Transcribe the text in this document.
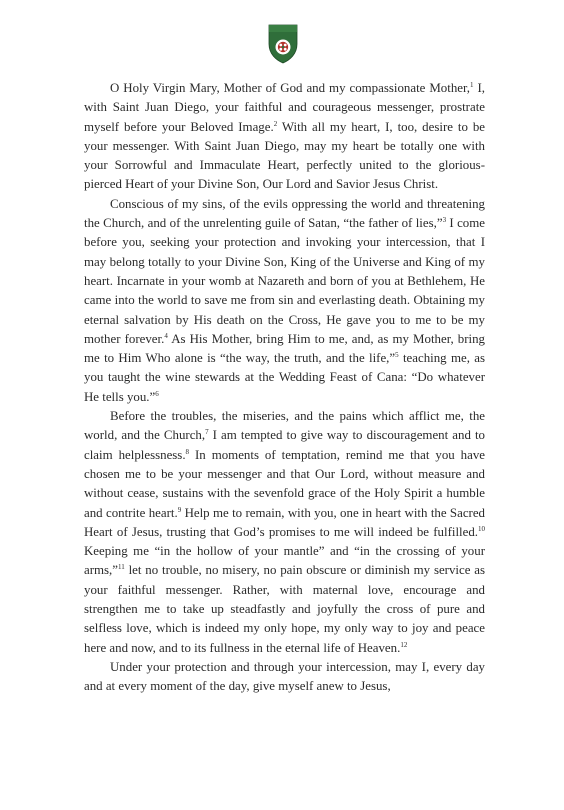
O Holy Virgin Mary, Mother of God and my compassionate Mother,$^1$ I, with Saint Juan Diego, your faithful and courageous messenger, prostrate myself before your Beloved Image.$^2$ With all my heart, I, too, desire to be your messenger. With Saint Juan Diego, may my heart be totally one with your Sorrowful and Immaculate Heart, perfectly united to the glorious-pierced Heart of your Divine Son, Our Lord and Savior Jesus Christ.

Conscious of my sins, of the evils oppressing the world and threatening the Church, and of the unrelenting guile of Satan, “the father of lies,”$^3$ I come before you, seeking your protection and invoking your intercession, that I may belong totally to your Divine Son, King of the Universe and King of my heart. Incarnate in your womb at Nazareth and born of you at Bethlehem, He came into the world to save me from sin and everlasting death. Obtaining my eternal salvation by His death on the Cross, He gave you to me to be my mother forever.$^4$ As His Mother, bring Him to me, and, as my Mother, bring me to Him Who alone is “the way, the truth, and the life,”$^5$ teaching me, as you taught the wine stewards at the Wedding Feast of Cana: “Do whatever He tells you.”$^6$

Before the troubles, the miseries, and the pains which afflict me, the world, and the Church,$^7$ I am tempted to give way to discouragement and to claim helplessness.$^8$ In moments of temptation, remind me that you have chosen me to be your messenger and that Our Lord, without measure and without cease, sustains with the sevenfold grace of the Holy Spirit a humble and contrite heart.$^9$ Help me to remain, with you, one in heart with the Sacred Heart of Jesus, trusting that God’s promises to me will indeed be fulfilled.$^{10}$ Keeping me “in the hollow of your mantle” and “in the crossing of your arms,”$^{11}$ let no trouble, no misery, no pain obscure or diminish my service as your faithful messenger. Rather, with maternal love, encourage and strengthen me to take up steadfastly and joyfully the cross of pure and selfless love, which is indeed my only hope, my only way to joy and peace here and now, and to its fullness in the eternal life of Heaven.$^{12}$

Under your protection and through your intercession, may I, every day and at every moment of the day, give myself anew to Jesus,
